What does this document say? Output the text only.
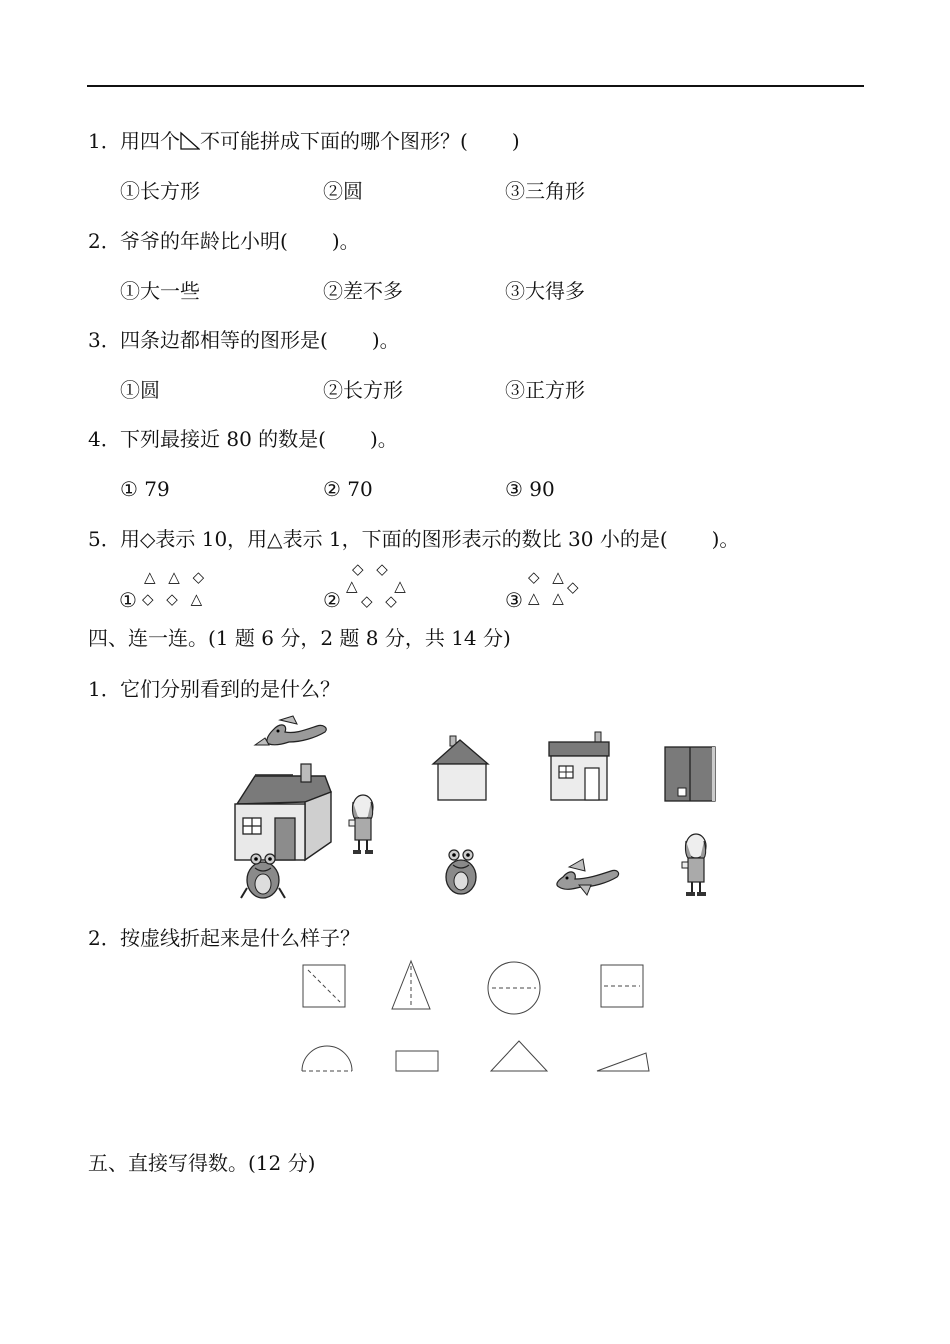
1．用四个 不可能拼成下面的哪个图形？( )
①长方形	②圆	③三角形
2．爷爷的年龄比小明( )。
①大一些	②差不多	③大得多
3．四条边都相等的图形是( )。
①圆	②长方形	③正方形
4．下列最接近 80 的数是( )。
① 79	② 70	③ 90
5．用◇表示 10，用△表示 1，下面的图形表示的数比 30 小的是( )。
①
△ △ ◇
◇ ◇ △	②
◇ ◇
△ △
◇ ◇	③
◇ △
△ △
◇
四、连一连。(1 题 6 分，2 题 8 分，共 14 分)
1．它们分别看到的是什么？
2．按虚线折起来是什么样子？
五、直接写得数。(12 分)
